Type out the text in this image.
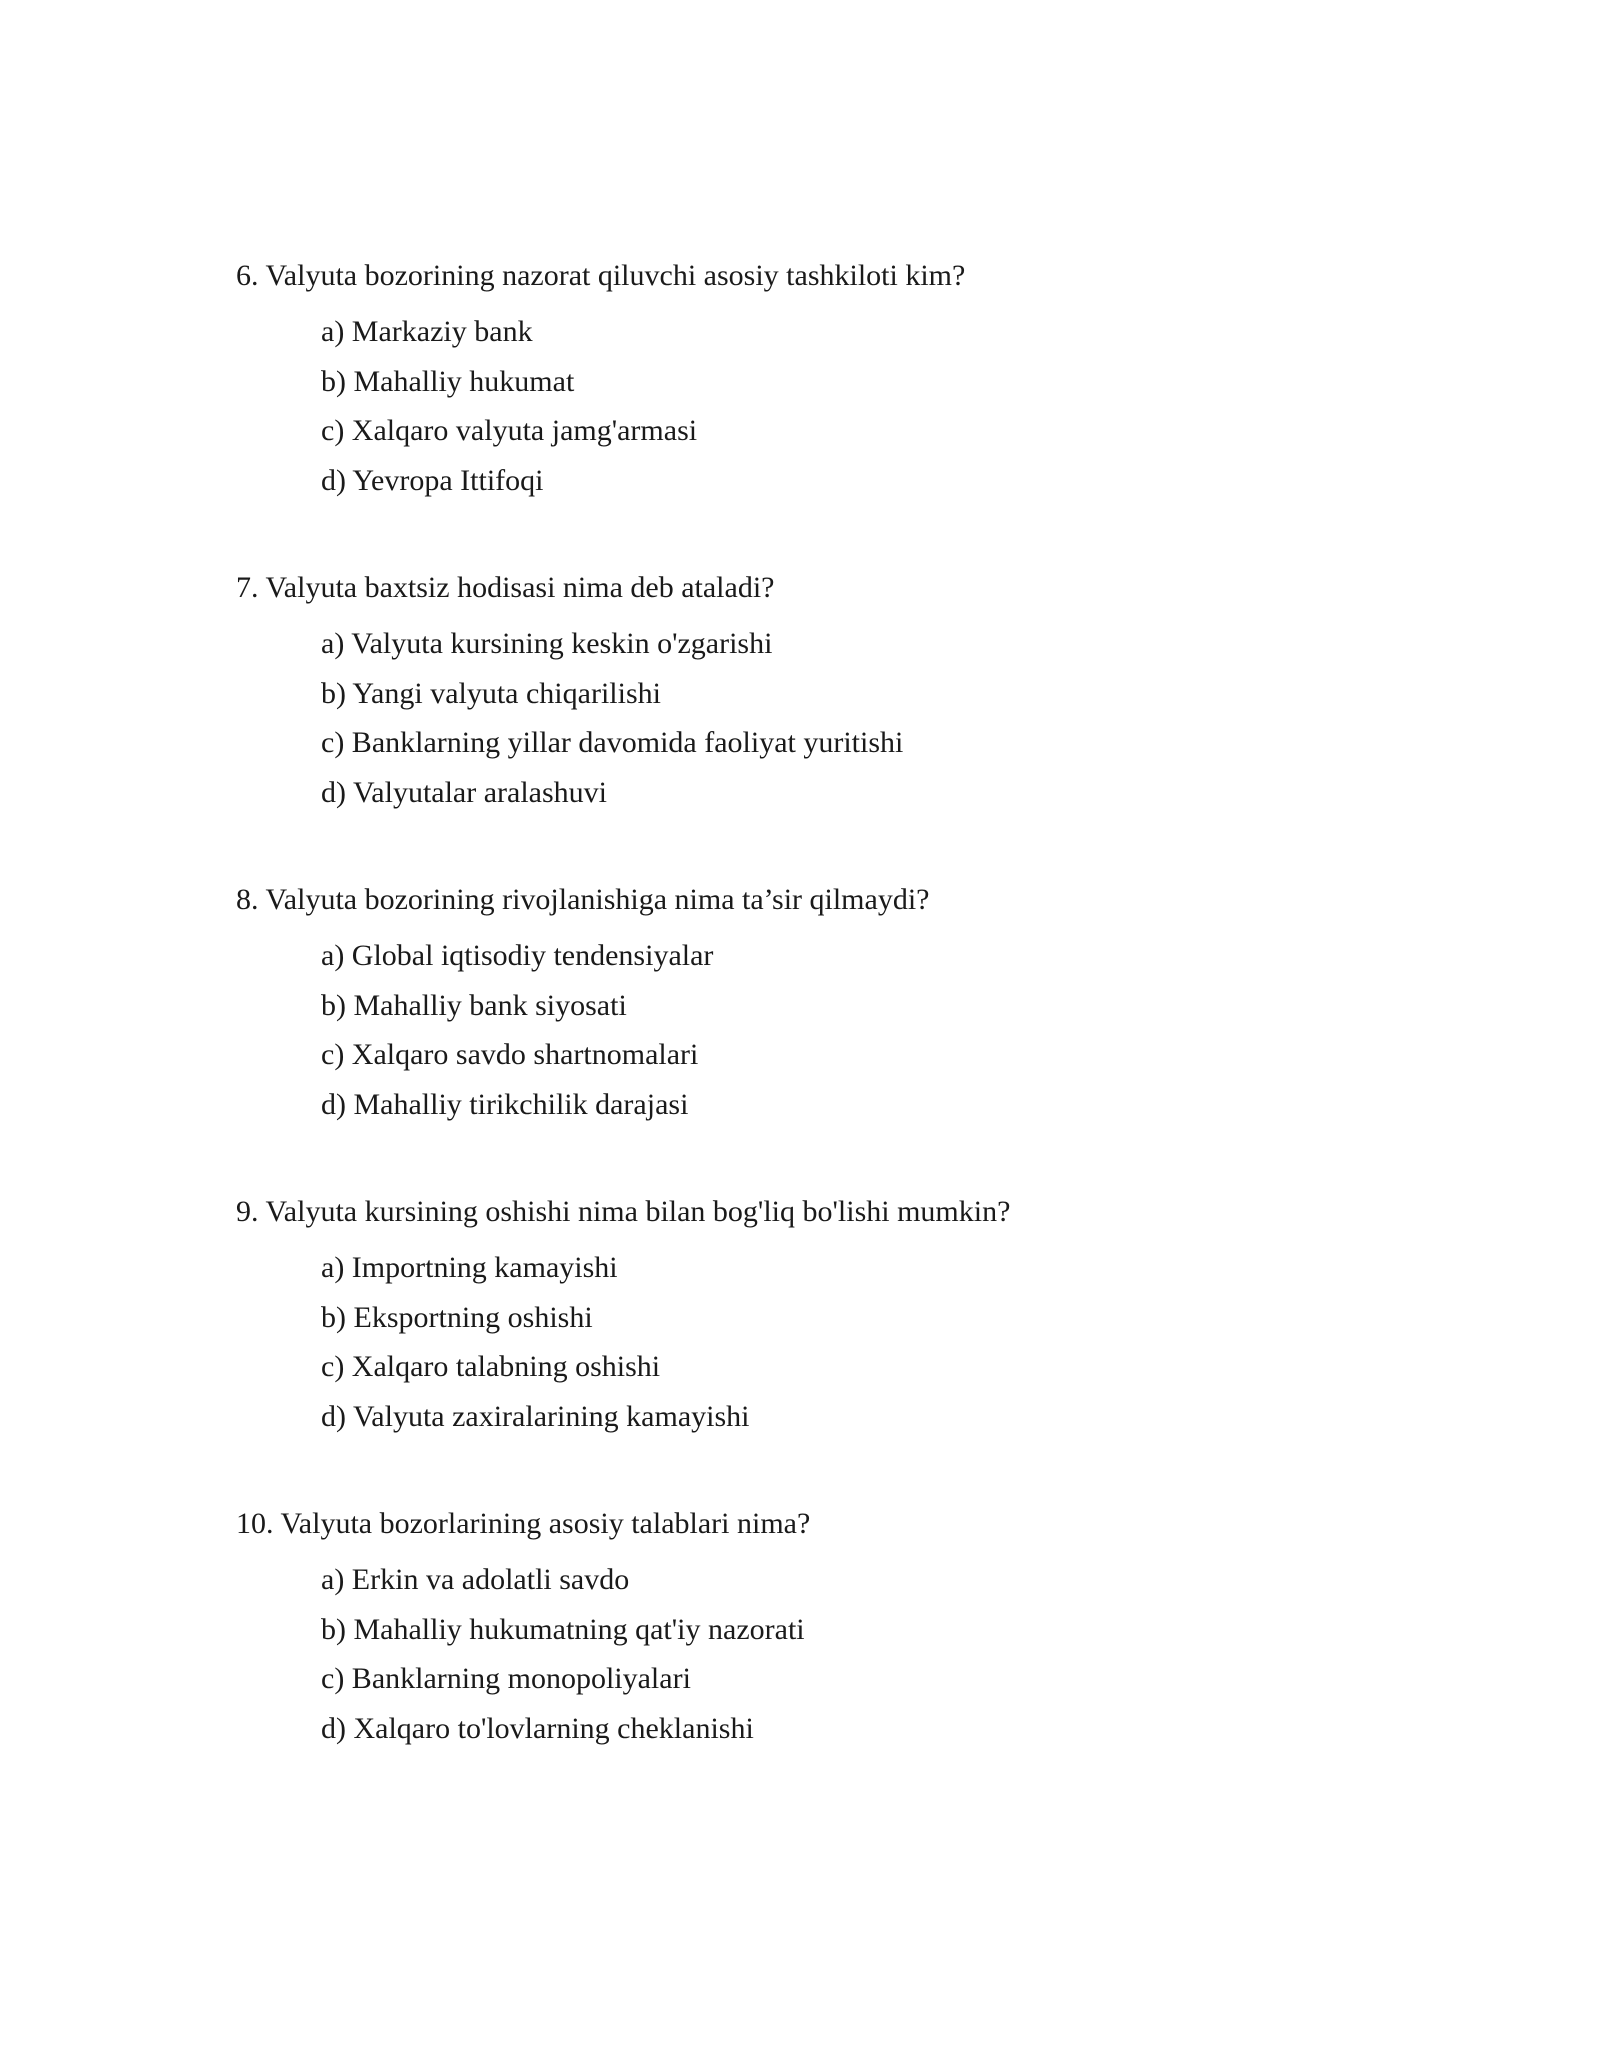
6. Valyuta bozorining nazorat qiluvchi asosiy tashkiloti kim?

a) Markaziy bank
b) Mahalliy hukumat
c) Xalqaro valyuta jamg'armasi
d) Yevropa Ittifoqi

7. Valyuta baxtsiz hodisasi nima deb ataladi?

a) Valyuta kursining keskin o'zgarishi
b) Yangi valyuta chiqarilishi
c) Banklarning yillar davomida faoliyat yuritishi
d) Valyutalar aralashuvi

8. Valyuta bozorining rivojlanishiga nima ta’sir qilmaydi?

a) Global iqtisodiy tendensiyalar
b) Mahalliy bank siyosati
c) Xalqaro savdo shartnomalari
d) Mahalliy tirikchilik darajasi

9. Valyuta kursining oshishi nima bilan bog'liq bo'lishi mumkin?

a) Importning kamayishi
b) Eksportning oshishi
c) Xalqaro talabning oshishi
d) Valyuta zaxiralarining kamayishi

10. Valyuta bozorlarining asosiy talablari nima?

a) Erkin va adolatli savdo
b) Mahalliy hukumatning qat'iy nazorati
c) Banklarning monopoliyalari
d) Xalqaro to'lovlarning cheklanishi
